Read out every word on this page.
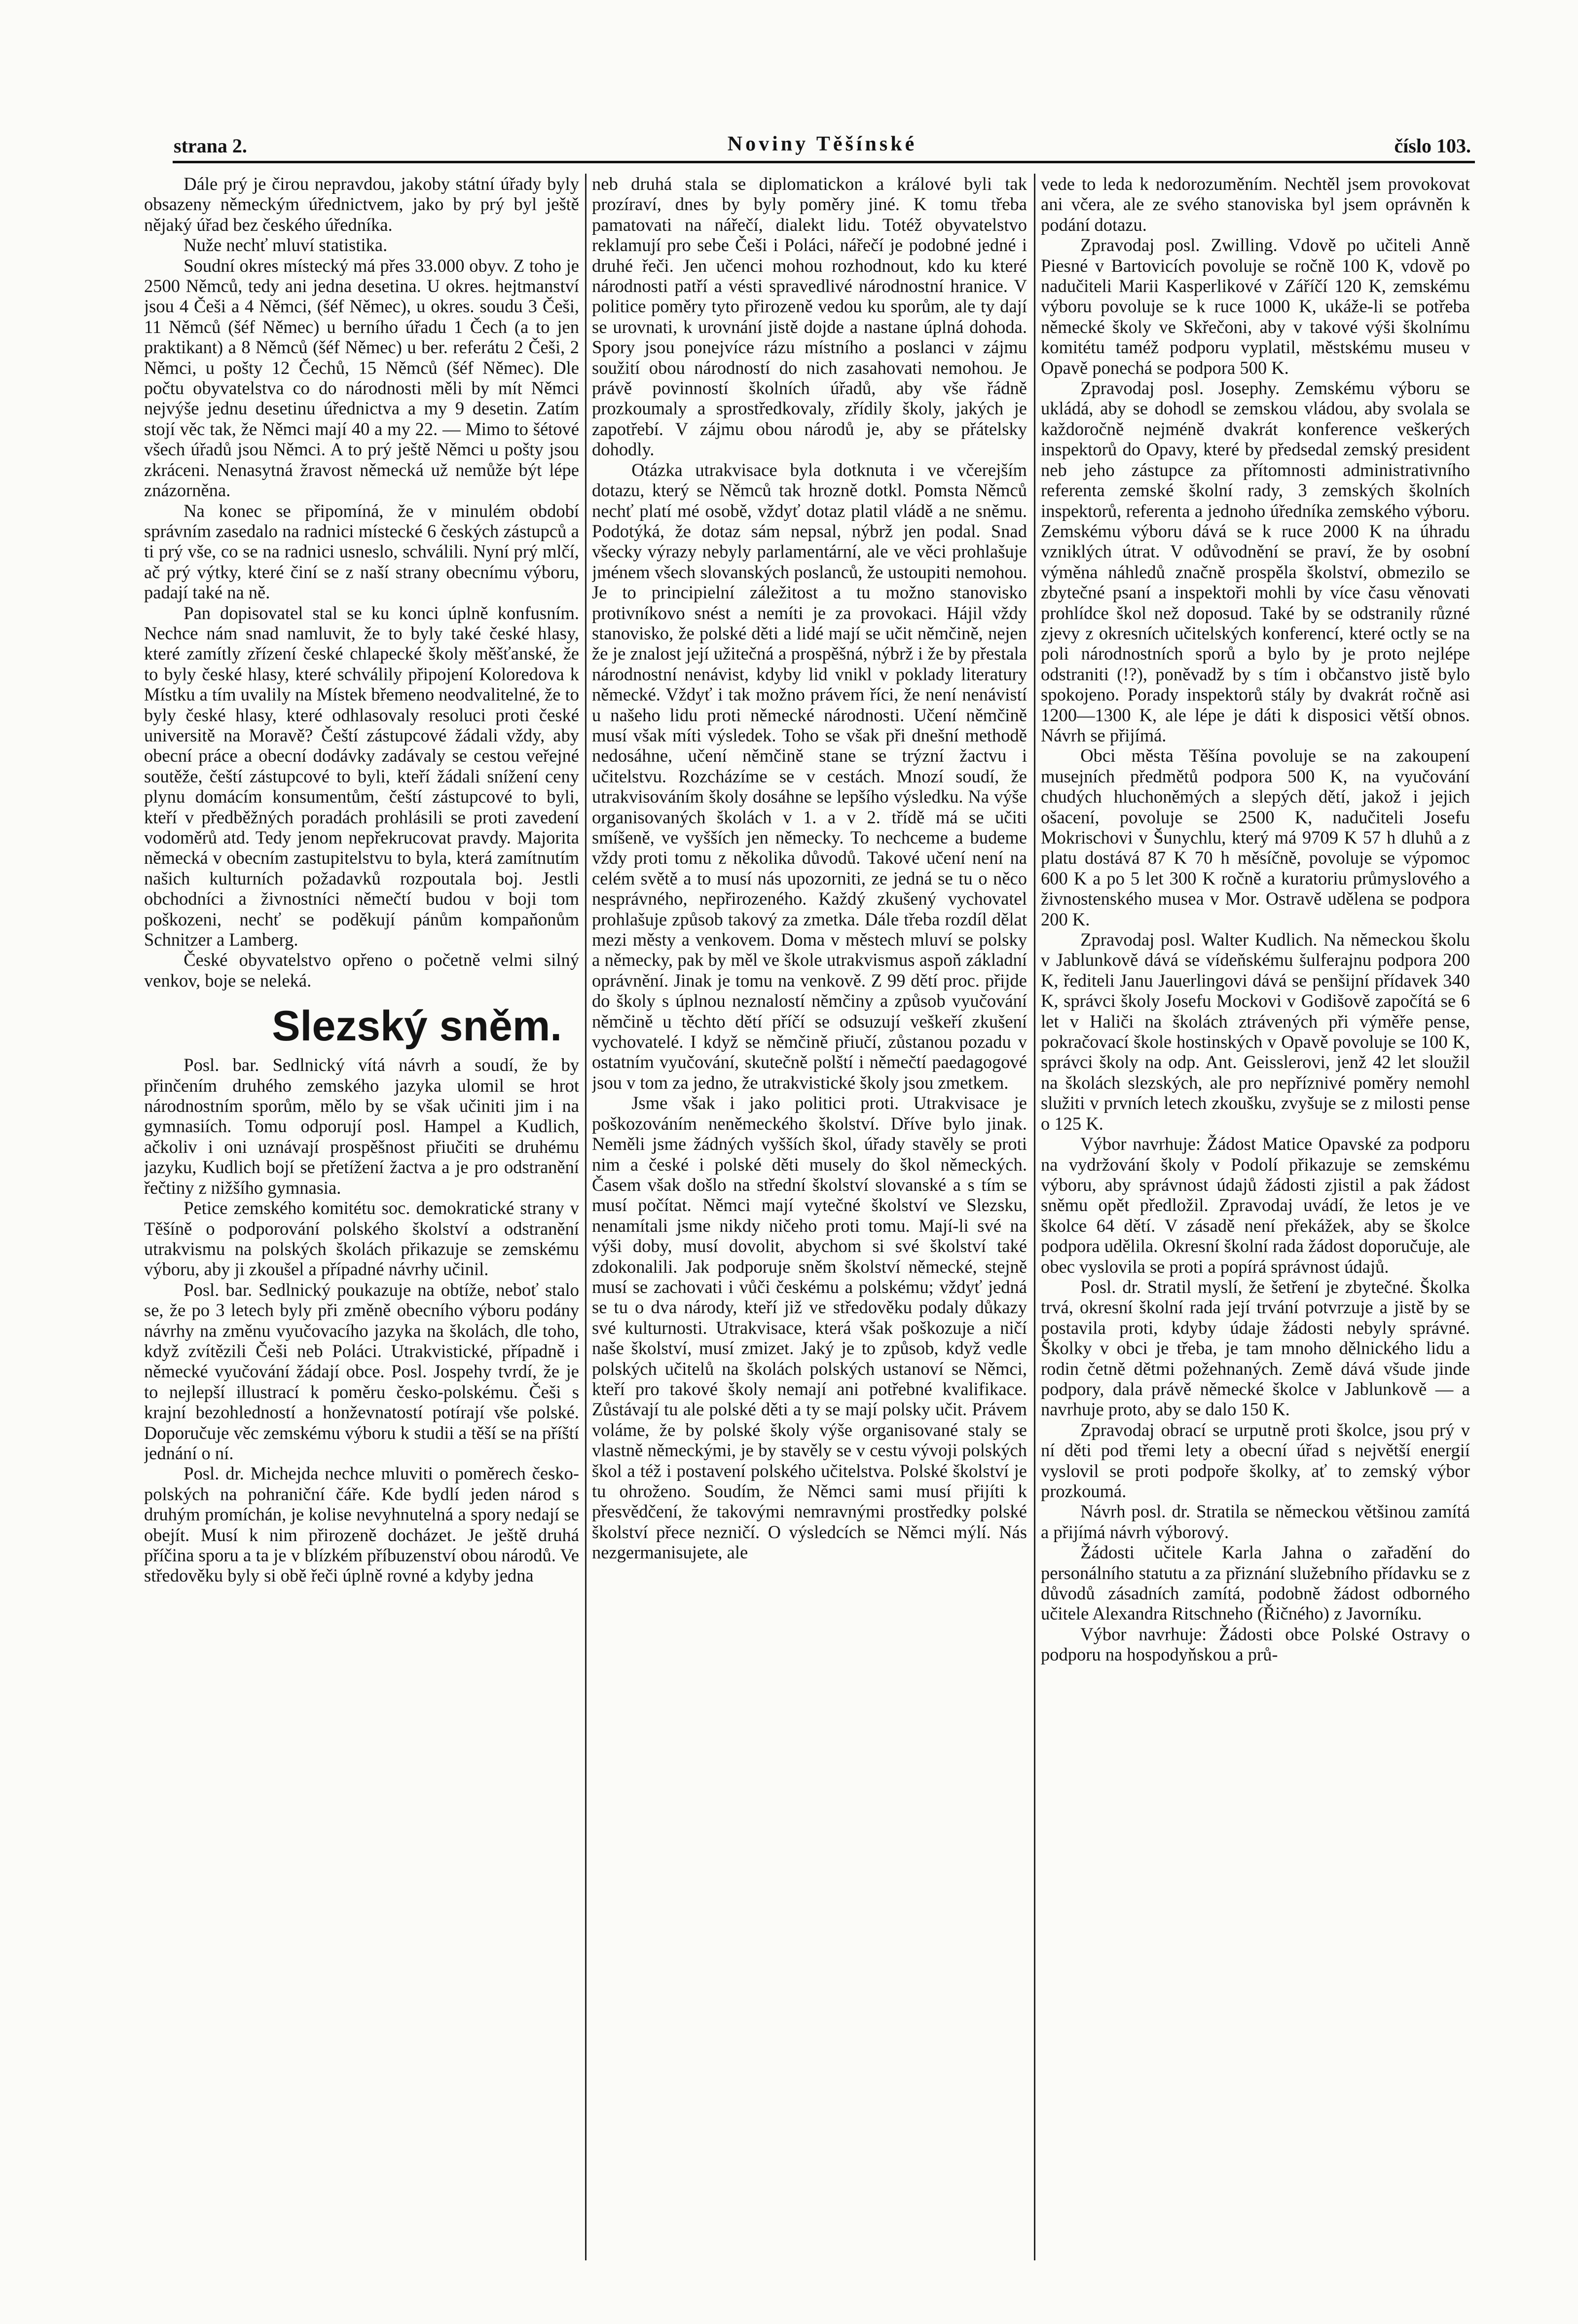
strana 2.	Noviny Těšínské	číslo 103.

Dále prý je čirou nepravdou, jakoby státní úřady byly obsazeny německým úřednictvem, jako by prý byl ještě nějaký úřad bez českého úředníka.

Nuže nechť mluví statistika.

Soudní okres místecký má přes 33.000 obyv. Z toho je 2500 Němců, tedy ani jedna desetina. U okres. hejtmanství jsou 4 Češi a 4 Němci, (šéf Němec), u okres. soudu 3 Češi, 11 Němců (šéf Němec) u berního úřadu 1 Čech (a to jen praktikant) a 8 Němců (šéf Němec) u ber. referátu 2 Češi, 2 Němci, u pošty 12 Čechů, 15 Němců (šéf Němec). Dle počtu obyvatelstva co do národnosti měli by mít Němci nejvýše jednu desetinu úřednictva a my 9 desetin. Zatím stojí věc tak, že Němci mají 40 a my 22. — Mimo to šétové všech úřadů jsou Němci. A to prý ještě Němci u pošty jsou zkráceni. Nenasytná žravost německá už nemůže být lépe znázorněna.

Na konec se připomíná, že v minulém období správním zasedalo na radnici místecké 6 českých zástupců a ti prý vše, co se na radnici usneslo, schválili. Nyní prý mlčí, ač prý výtky, které činí se z naší strany obecnímu výboru, padají také na ně.

Pan dopisovatel stal se ku konci úplně konfusním. Nechce nám snad namluvit, že to byly také české hlasy, které zamítly zřízení české chlapecké školy měšťanské, že to byly české hlasy, které schválily připojení Koloredova k Místku a tím uvalily na Místek břemeno neodvalitelné, že to byly české hlasy, které odhlasovaly resoluci proti české universitě na Moravě? Čeští zástupcové žádali vždy, aby obecní práce a obecní dodávky zadávaly se cestou veřejné soutěže, čeští zástupcové to byli, kteří žádali snížení ceny plynu domácím konsumentům, čeští zástupcové to byli, kteří v předběžných poradách prohlásili se proti zavedení vodoměrů atd. Tedy jenom nepřekrucovat pravdy. Majorita německá v obecním zastupitelstvu to byla, která zamítnutím našich kulturních požadavků rozpoutala boj. Jestli obchodníci a živnostníci němečtí budou v boji tom poškozeni, nechť se poděkují pánům kompaňonům Schnitzer a Lamberg.

České obyvatelstvo opřeno o početně velmi silný venkov, boje se neleká.

Slezský sněm.

Posl. bar. Sedlnický vítá návrh a soudí, že by přinčením druhého zemského jazyka ulomil se hrot národnostním sporům, mělo by se však učiniti jim i na gymnasiích. Tomu odporují posl. Hampel a Kudlich, ačkoliv i oni uznávají prospěšnost přiučiti se druhému jazyku, Kudlich bojí se přetížení žactva a je pro odstranění řečtiny z nižšího gymnasia.

Petice zemského komitétu soc. demokratické strany v Těšíně o podporování polského školství a odstranění utrakvismu na polských školách přikazuje se zemskému výboru, aby ji zkoušel a případné návrhy učinil.

Posl. bar. Sedlnický poukazuje na obtíže, neboť stalo se, že po 3 letech byly při změně obecního výboru podány návrhy na změnu vyučovacího jazyka na školách, dle toho, když zvítězili Češi neb Poláci. Utrakvistické, případně i německé vyučování žádají obce. Posl. Jospehy tvrdí, že je to nejlepší illustrací k poměru česko-polskému. Češi s krajní bezohledností a honževnatostí potírají vše polské. Doporučuje věc zemskému výboru k studii a těší se na příští jednání o ní.

Posl. dr. Michejda nechce mluviti o poměrech česko-polských na pohraniční čáře. Kde bydlí jeden národ s druhým promíchán, je kolise nevyhnutelná a spory nedají se obejít. Musí k nim přirozeně docházet. Je ještě druhá příčina sporu a ta je v blízkém příbuzenství obou národů. Ve středověku byly si obě řeči úplně rovné a kdyby jedna

neb druhá stala se diplomatickon a králové byli tak prozíraví, dnes by byly poměry jiné. K tomu třeba pamatovati na nářečí, dialekt lidu. Totéž obyvatelstvo reklamují pro sebe Češi i Poláci, nářečí je podobné jedné i druhé řeči. Jen učenci mohou rozhodnout, kdo ku které národnosti patří a vésti spravedlivé národnostní hranice. V politice poměry tyto přirozeně vedou ku sporům, ale ty dají se urovnati, k urovnání jistě dojde a nastane úplná dohoda. Spory jsou ponejvíce rázu místního a poslanci v zájmu soužití obou národností do nich zasahovati nemohou. Je právě povinností školních úřadů, aby vše řádně prozkoumaly a sprostředkovaly, zřídily školy, jakých je zapotřebí. V zájmu obou národů je, aby se přátelsky dohodly.

Otázka utrakvisace byla dotknuta i ve včerejším dotazu, který se Němců tak hrozně dotkl. Pomsta Němců nechť platí mé osobě, vždyť dotaz platil vládě a ne sněmu. Podotýká, že dotaz sám nepsal, nýbrž jen podal. Snad všecky výrazy nebyly parlamentární, ale ve věci prohlašuje jménem všech slovanských poslanců, že ustoupiti nemohou. Je to principielní záležitost a tu možno stanovisko protivníkovo snést a nemíti je za provokaci. Hájil vždy stanovisko, že polské děti a lidé mají se učit němčině, nejen že je znalost její užitečná a prospěšná, nýbrž i že by přestala národnostní nenávist, kdyby lid vnikl v poklady literatury německé. Vždyť i tak možno právem říci, že není nenávistí u našeho lidu proti německé národnosti. Učení němčině musí však míti výsledek. Toho se však při dnešní methodě nedosáhne, učení němčině stane se trýzní žactvu i učitelstvu. Rozcházíme se v cestách. Mnozí soudí, že utrakvisováním školy dosáhne se lepšího výsledku. Na výše organisovaných školách v 1. a v 2. třídě má se učiti smíšeně, ve vyšších jen německy. To nechceme a budeme vždy proti tomu z několika důvodů. Takové učení není na celém světě a to musí nás upozorniti, ze jedná se tu o něco nesprávného, nepřirozeného. Každý zkušený vychovatel prohlašuje způsob takový za zmetka. Dále třeba rozdíl dělat mezi městy a venkovem. Doma v městech mluví se polsky a německy, pak by měl ve škole utrakvismus aspoň základní oprávnění. Jinak je tomu na venkově. Z 99 dětí proc. přijde do školy s úplnou neznalostí němčiny a způsob vyučování němčině u těchto dětí příčí se odsuzují veškeří zkušení vychovatelé. I když se němčině přiučí, zůstanou pozadu v ostatním vyučování, skutečně polští i němečtí paedagogové jsou v tom za jedno, že utrakvistické školy jsou zmetkem.

Jsme však i jako politici proti. Utrakvisace je poškozováním neněmeckého školství. Dříve bylo jinak. Neměli jsme žádných vyšších škol, úřady stavěly se proti nim a české i polské děti musely do škol německých. Časem však došlo na střední školství slovanské a s tím se musí počítat. Němci mají vytečné školství ve Slezsku, nenamítali jsme nikdy ničeho proti tomu. Mají-li své na výši doby, musí dovolit, abychom si své školství také zdokonalili. Jak podporuje sněm školství německé, stejně musí se zachovati i vůči českému a polskému; vždyť jedná se tu o dva národy, kteří již ve středověku podaly důkazy své kulturnosti. Utrakvisace, která však poškozuje a ničí naše školství, musí zmizet. Jaký je to způsob, když vedle polských učitelů na školách polských ustanoví se Němci, kteří pro takové školy nemají ani potřebné kvalifikace. Zůstávají tu ale polské děti a ty se mají polsky učit. Právem voláme, že by polské školy výše organisované staly se vlastně německými, je by stavěly se v cestu vývoji polských škol a též i postavení polského učitelstva. Polské školství je tu ohroženo. Soudím, že Němci sami musí přijíti k přesvědčení, že takovými nemravnými prostředky polské školství přece nezničí. O výsledcích se Němci mýlí. Nás nezgermanisujete, ale

vede to leda k nedorozuměním. Nechtěl jsem provokovat ani včera, ale ze svého stanoviska byl jsem oprávněn k podání dotazu.

Zpravodaj posl. Zwilling. Vdově po učiteli Anně Piesné v Bartovicích povoluje se ročně 100 K, vdově po nadučiteli Marii Kasperlikové v Záříčí 120 K, zemskému výboru povoluje se k ruce 1000 K, ukáže-li se potřeba německé školy ve Skřečoni, aby v takové výši školnímu komitétu taméž podporu vyplatil, městskému museu v Opavě ponechá se podpora 500 K.

Zpravodaj posl. Josephy. Zemskému výboru se ukládá, aby se dohodl se zemskou vládou, aby svolala se každoročně nejméně dvakrát konference veškerých inspektorů do Opavy, které by předsedal zemský president neb jeho zástupce za přítomnosti administrativního referenta zemské školní rady, 3 zemských školních inspektorů, referenta a jednoho úředníka zemského výboru. Zemskému výboru dává se k ruce 2000 K na úhradu vzniklých útrat. V odůvodnění se praví, že by osobní výměna náhledů značně prospěla školství, obmezilo se zbytečné psaní a inspektoři mohli by více času věnovati prohlídce škol než doposud. Také by se odstranily různé zjevy z okresních učitelských konferencí, které octly se na poli národnostních sporů a bylo by je proto nejlépe odstraniti (!?), poněvadž by s tím i občanstvo jistě bylo spokojeno. Porady inspektorů stály by dvakrát ročně asi 1200—1300 K, ale lépe je dáti k disposici větší obnos. Návrh se přijímá.

Obci města Těšína povoluje se na zakoupení musejních předmětů podpora 500 K, na vyučování chudých hluchoněmých a slepých dětí, jakož i jejich ošacení, povoluje se 2500 K, nadučiteli Josefu Mokrischovi v Šunychlu, který má 9709 K 57 h dluhů a z platu dostává 87 K 70 h měsíčně, povoluje se výpomoc 600 K a po 5 let 300 K ročně a kuratoriu průmyslového a živnostenského musea v Mor. Ostravě udělena se podpora 200 K.

Zpravodaj posl. Walter Kudlich. Na německou školu v Jablunkově dává se vídeňskému šulferajnu podpora 200 K, řediteli Janu Jauerlingovi dává se penšijní přídavek 340 K, správci školy Josefu Mockovi v Godišově započítá se 6 let v Haliči na školách ztrávených při výměře pense, pokračovací škole hostinských v Opavě povoluje se 100 K, správci školy na odp. Ant. Geisslerovi, jenž 42 let sloužil na školách slezských, ale pro nepříznivé poměry nemohl služiti v prvních letech zkoušku, zvyšuje se z milosti pense o 125 K.

Výbor navrhuje: Žádost Matice Opavské za podporu na vydržování školy v Podolí přikazuje se zemskému výboru, aby správnost údajů žádosti zjistil a pak žádost sněmu opět předložil. Zpravodaj uvádí, že letos je ve školce 64 dětí. V zásadě není překážek, aby se školce podpora udělila. Okresní školní rada žádost doporučuje, ale obec vyslovila se proti a popírá správnost údajů.

Posl. dr. Stratil myslí, že šetření je zbytečné. Školka trvá, okresní školní rada její trvání potvrzuje a jistě by se postavila proti, kdyby údaje žádosti nebyly správné. Školky v obci je třeba, je tam mnoho dělnického lidu a rodin četně dětmi požehnaných. Země dává všude jinde podpory, dala právě německé školce v Jablunkově — a navrhuje proto, aby se dalo 150 K.

Zpravodaj obrací se urputně proti školce, jsou prý v ní děti pod třemi lety a obecní úřad s největší energií vyslovil se proti podpoře školky, ať to zemský výbor prozkoumá.

Návrh posl. dr. Stratila se německou většinou zamítá a přijímá návrh výborový.

Žádosti učitele Karla Jahna o zařadění do personálního statutu a za přiznání služebního přídavku se z důvodů zásadních zamítá, podobně žádost odborného učitele Alexandra Ritschneho (Řičného) z Javorníku.

Výbor navrhuje: Žádosti obce Polské Ostravy o podporu na hospodyňskou a prů-
